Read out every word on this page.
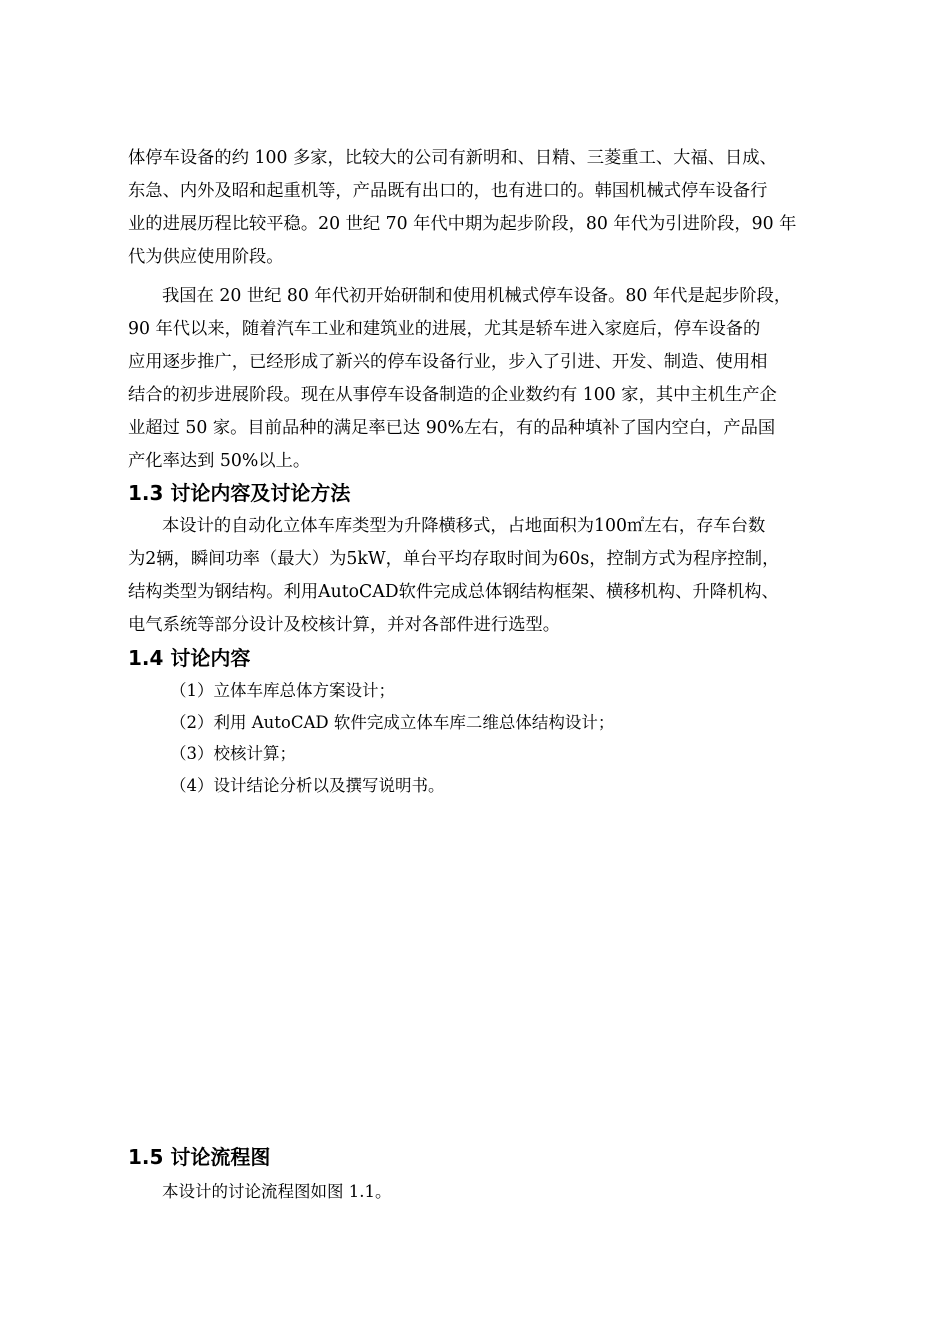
体停车设备的约 100 多家，比较大的公司有新明和、日精、三菱重工、大福、日成、
东急、内外及昭和起重机等，产品既有出口的，也有进口的。韩国机械式停车设备行
业的进展历程比较平稳。20 世纪 70 年代中期为起步阶段，80 年代为引进阶段，90 年
代为供应使用阶段。

我国在 20 世纪 80 年代初开始研制和使用机械式停车设备。80 年代是起步阶段，
90 年代以来，随着汽车工业和建筑业的进展，尤其是轿车进入家庭后，停车设备的
应用逐步推广，已经形成了新兴的停车设备行业，步入了引进、开发、制造、使用相
结合的初步进展阶段。现在从事停车设备制造的企业数约有 100 家，其中主机生产企
业超过 50 家。目前品种的满足率已达 90%左右，有的品种填补了国内空白，产品国
产化率达到 50%以上。

1.3 讨论内容及讨论方法

本设计的自动化立体车库类型为升降横移式，占地面积为100㎡左右，存车台数
为2辆，瞬间功率（最大）为5kW，单台平均存取时间为60s，控制方式为程序控制，
结构类型为钢结构。利用AutoCAD软件完成总体钢结构框架、横移机构、升降机构、
电气系统等部分设计及校核计算，并对各部件进行选型。

1.4 讨论内容
（1）立体车库总体方案设计；
（2）利用 AutoCAD 软件完成立体车库二维总体结构设计；
（3）校核计算；
（4）设计结论分析以及撰写说明书。
1.5 讨论流程图

本设计的讨论流程图如图 1.1。
